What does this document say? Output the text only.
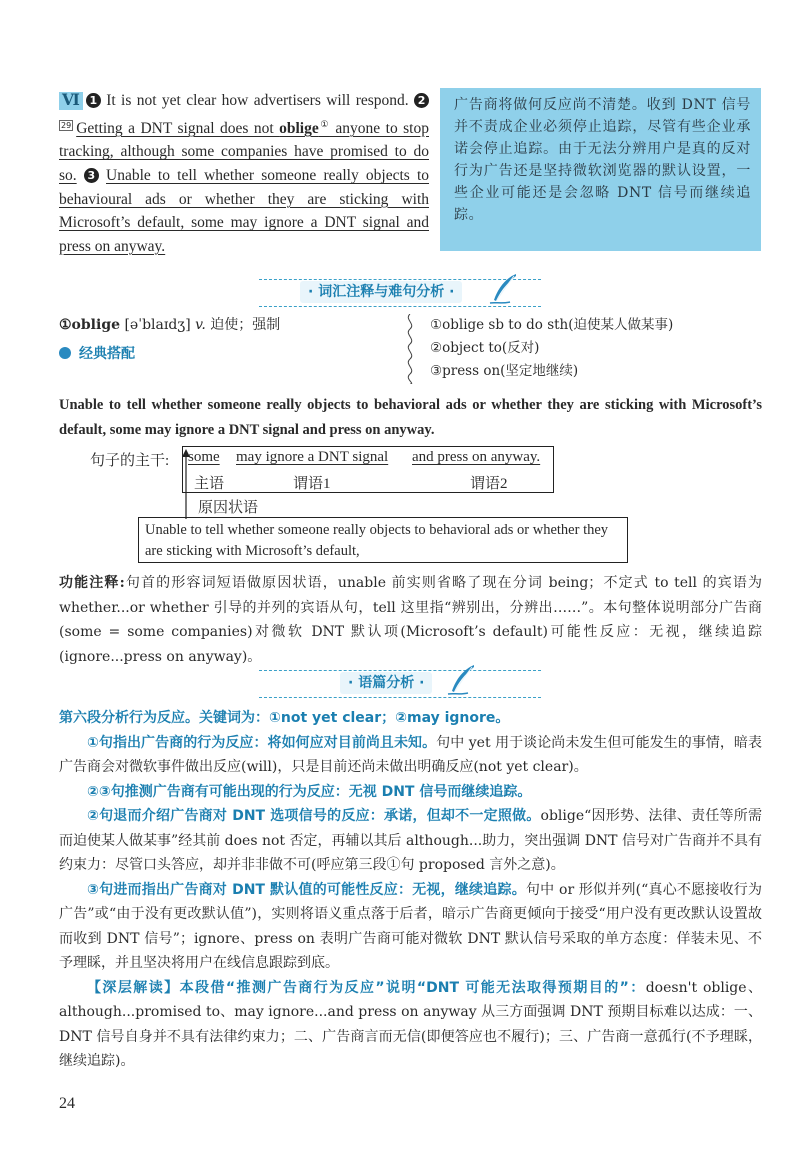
Ⅵ 1 It is not yet clear how advertisers will respond. 229 Getting a DNT signal does not oblige① anyone to stop tracking, although some companies have promised to do so. 3 Unable to tell whether someone really objects to behavioural ads or whether they are sticking with Microsoft’s default, some may ignore a DNT signal and press on anyway.

广告商将做何反应尚不清楚。收到 DNT 信号并不责成企业必须停止追踪，尽管有些企业承诺会停止追踪。由于无法分辨用户是真的反对行为广告还是坚持微软浏览器的默认设置，一些企业可能还是会忽略 DNT 信号而继续追踪。
· 词汇注释与难句分析 ·
①oblige [əˈblaɪdʒ] v. 迫使；强制
经典搭配
①oblige sb to do sth(迫使某人做某事)
②object to(反对)
③press on(坚定地继续)
Unable to tell whether someone really objects to behavioral ads or whether they are sticking with Microsoft’s default, some may ignore a DNT signal and press on anyway.
句子的主干: some may ignore a DNT signal and press on anyway.
主语	谓语1	谓语2
原因状语
Unable to tell whether someone really objects to behavioral ads or whether they are sticking with Microsoft’s default,

功能注释:句首的形容词短语做原因状语，unable 前实则省略了现在分词 being；不定式 to tell 的宾语为 whether...or whether 引导的并列的宾语从句，tell 这里指“辨别出，分辨出……”。本句整体说明部分广告商(some = some companies)对微软 DNT 默认项(Microsoft’s default)可能性反应：无视，继续追踪(ignore...press on anyway)。

· 语篇分析 ·

第六段分析行为反应。关键词为：①not yet clear；②may ignore。

①句指出广告商的行为反应：将如何应对目前尚且未知。句中 yet 用于谈论尚未发生但可能发生的事情，暗表广告商会对微软事件做出反应(will)，只是目前还尚未做出明确反应(not yet clear)。

②③句推测广告商有可能出现的行为反应：无视 DNT 信号而继续追踪。

②句退而介绍广告商对 DNT 选项信号的反应：承诺，但却不一定照做。oblige“因形势、法律、责任等所需而迫使某人做某事”经其前 does not 否定，再辅以其后 although...助力，突出强调 DNT 信号对广告商并不具有约束力：尽管口头答应，却并非非做不可(呼应第三段①句 proposed 言外之意)。

③句进而指出广告商对 DNT 默认值的可能性反应：无视，继续追踪。句中 or 形似并列(“真心不愿接收行为广告”或“由于没有更改默认值”)，实则将语义重点落于后者，暗示广告商更倾向于接受“用户没有更改默认设置故而收到 DNT 信号”；ignore、press on 表明广告商可能对微软 DNT 默认信号采取的单方态度：佯装未见、不予理睬，并且坚决将用户在线信息跟踪到底。

【深层解读】本段借“推测广告商行为反应”说明“DNT 可能无法取得预期目的”：doesn't oblige、although...promised to、may ignore...and press on anyway 从三方面强调 DNT 预期目标难以达成：一、DNT 信号自身并不具有法律约束力；二、广告商言而无信(即便答应也不履行)；三、广告商一意孤行(不予理睬，继续追踪)。

24
